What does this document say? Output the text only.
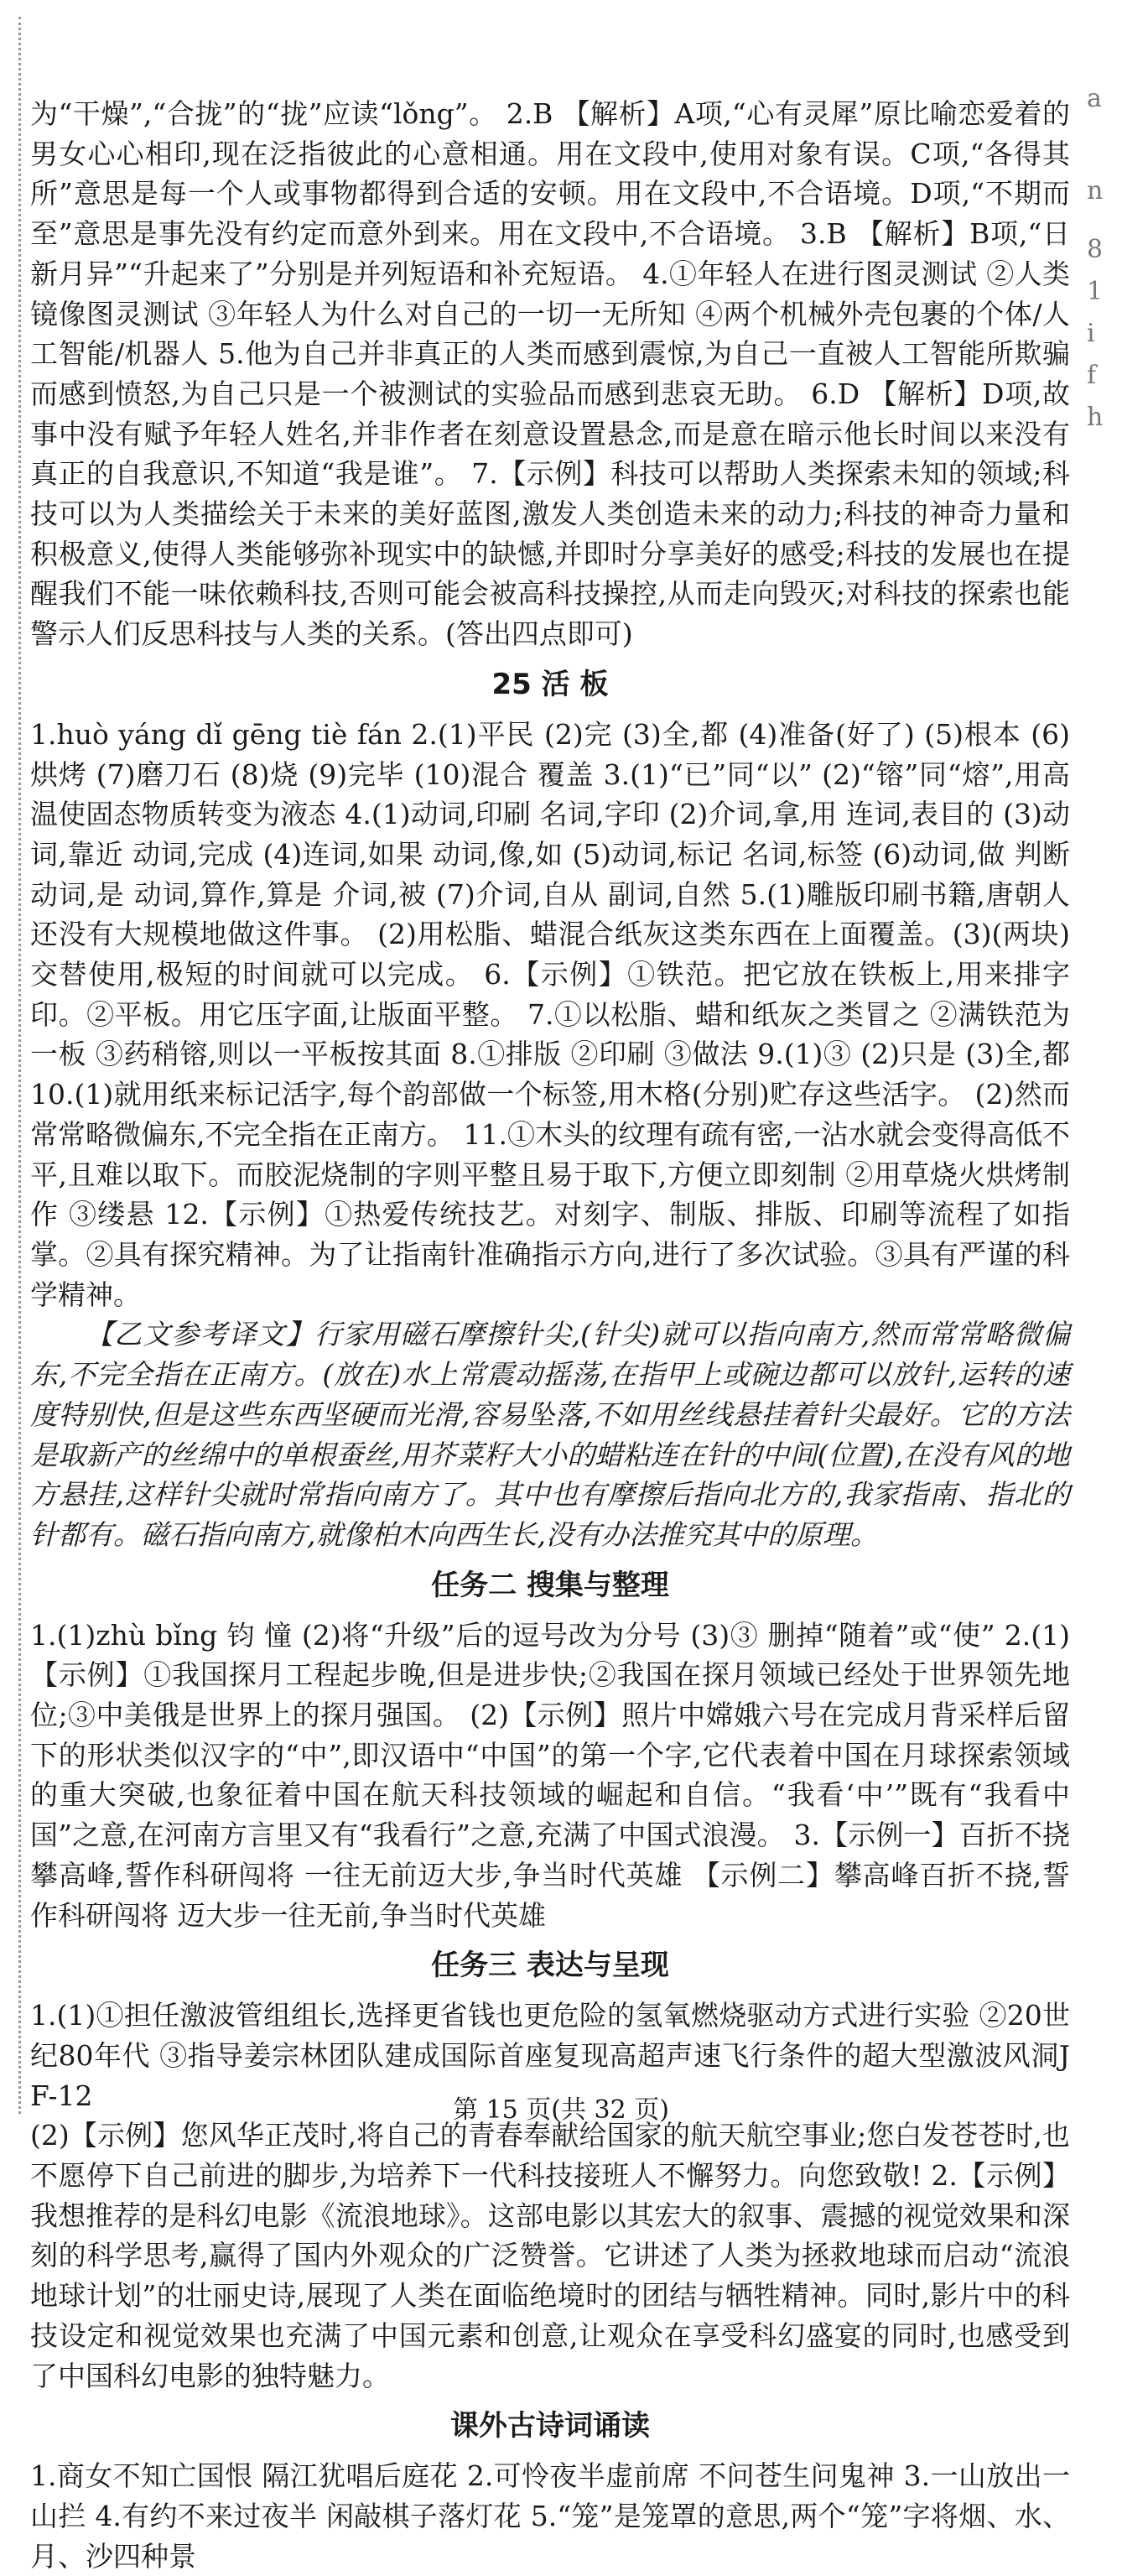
a
n
8
1
i
f
h

为“干燥”,“合拢”的“拢”应读“lǒng”。 2.B 【解析】A项,“心有灵犀”原比喻恋爱着的男女心心相印,现在泛指彼此的心意相通。用在文段中,使用对象有误。C项,“各得其所”意思是每一个人或事物都得到合适的安顿。用在文段中,不合语境。D项,“不期而至”意思是事先没有约定而意外到来。用在文段中,不合语境。 3.B 【解析】B项,“日新月异”“升起来了”分别是并列短语和补充短语。 4.①年轻人在进行图灵测试 ②人类镜像图灵测试 ③年轻人为什么对自己的一切一无所知 ④两个机械外壳包裹的个体/人工智能/机器人 5.他为自己并非真正的人类而感到震惊,为自己一直被人工智能所欺骗而感到愤怒,为自己只是一个被测试的实验品而感到悲哀无助。 6.D 【解析】D项,故事中没有赋予年轻人姓名,并非作者在刻意设置悬念,而是意在暗示他长时间以来没有真正的自我意识,不知道“我是谁”。 7.【示例】科技可以帮助人类探索未知的领域;科技可以为人类描绘关于未来的美好蓝图,激发人类创造未来的动力;科技的神奇力量和积极意义,使得人类能够弥补现实中的缺憾,并即时分享美好的感受;科技的发展也在提醒我们不能一味依赖科技,否则可能会被高科技操控,从而走向毁灭;对科技的探索也能警示人们反思科技与人类的关系。(答出四点即可)

25 活 板

1.huò yáng dǐ gēng tiè fán 2.(1)平民 (2)完 (3)全,都 (4)准备(好了) (5)根本 (6)烘烤 (7)磨刀石 (8)烧 (9)完毕 (10)混合 覆盖 3.(1)“已”同“以” (2)“镕”同“熔”,用高温使固态物质转变为液态 4.(1)动词,印刷 名词,字印 (2)介词,拿,用 连词,表目的 (3)动词,靠近 动词,完成 (4)连词,如果 动词,像,如 (5)动词,标记 名词,标签 (6)动词,做 判断动词,是 动词,算作,算是 介词,被 (7)介词,自从 副词,自然 5.(1)雕版印刷书籍,唐朝人还没有大规模地做这件事。 (2)用松脂、蜡混合纸灰这类东西在上面覆盖。(3)(两块)交替使用,极短的时间就可以完成。 6.【示例】①铁范。把它放在铁板上,用来排字印。②平板。用它压字面,让版面平整。 7.①以松脂、蜡和纸灰之类冒之 ②满铁范为一板 ③药稍镕,则以一平板按其面 8.①排版 ②印刷 ③做法 9.(1)③ (2)只是 (3)全,都 10.(1)就用纸来标记活字,每个韵部做一个标签,用木格(分别)贮存这些活字。 (2)然而常常略微偏东,不完全指在正南方。 11.①木头的纹理有疏有密,一沾水就会变得高低不平,且难以取下。而胶泥烧制的字则平整且易于取下,方便立即刻制 ②用草烧火烘烤制作 ③缕悬 12.【示例】①热爱传统技艺。对刻字、制版、排版、印刷等流程了如指掌。②具有探究精神。为了让指南针准确指示方向,进行了多次试验。③具有严谨的科学精神。

【乙文参考译文】行家用磁石摩擦针尖,(针尖)就可以指向南方,然而常常略微偏东,不完全指在正南方。(放在)水上常震动摇荡,在指甲上或碗边都可以放针,运转的速度特别快,但是这些东西坚硬而光滑,容易坠落,不如用丝线悬挂着针尖最好。它的方法是取新产的丝绵中的单根蚕丝,用芥菜籽大小的蜡粘连在针的中间(位置),在没有风的地方悬挂,这样针尖就时常指向南方了。其中也有摩擦后指向北方的,我家指南、指北的针都有。磁石指向南方,就像柏木向西生长,没有办法推究其中的原理。

任务二 搜集与整理

1.(1)zhù bǐng 钧 憧 (2)将“升级”后的逗号改为分号 (3)③ 删掉“随着”或“使” 2.(1)【示例】①我国探月工程起步晚,但是进步快;②我国在探月领域已经处于世界领先地位;③中美俄是世界上的探月强国。 (2)【示例】照片中嫦娥六号在完成月背采样后留下的形状类似汉字的“中”,即汉语中“中国”的第一个字,它代表着中国在月球探索领域的重大突破,也象征着中国在航天科技领域的崛起和自信。“我看‘中’”既有“我看中国”之意,在河南方言里又有“我看行”之意,充满了中国式浪漫。 3.【示例一】百折不挠攀高峰,誓作科研闯将 一往无前迈大步,争当时代英雄 【示例二】攀高峰百折不挠,誓作科研闯将 迈大步一往无前,争当时代英雄

任务三 表达与呈现

1.(1)①担任激波管组组长,选择更省钱也更危险的氢氧燃烧驱动方式进行实验 ②20世纪80年代 ③指导姜宗林团队建成国际首座复现高超声速飞行条件的超大型激波风洞JF-12

(2)【示例】您风华正茂时,将自己的青春奉献给国家的航天航空事业;您白发苍苍时,也不愿停下自己前进的脚步,为培养下一代科技接班人不懈努力。向您致敬! 2.【示例】我想推荐的是科幻电影《流浪地球》。这部电影以其宏大的叙事、震撼的视觉效果和深刻的科学思考,赢得了国内外观众的广泛赞誉。它讲述了人类为拯救地球而启动“流浪地球计划”的壮丽史诗,展现了人类在面临绝境时的团结与牺牲精神。同时,影片中的科技设定和视觉效果也充满了中国元素和创意,让观众在享受科幻盛宴的同时,也感受到了中国科幻电影的独特魅力。

课外古诗词诵读

1.商女不知亡国恨 隔江犹唱后庭花 2.可怜夜半虚前席 不问苍生问鬼神 3.一山放出一山拦 4.有约不来过夜半 闲敲棋子落灯花 5.“笼”是笼罩的意思,两个“笼”字将烟、水、月、沙四种景

第 15 页(共 32 页)
